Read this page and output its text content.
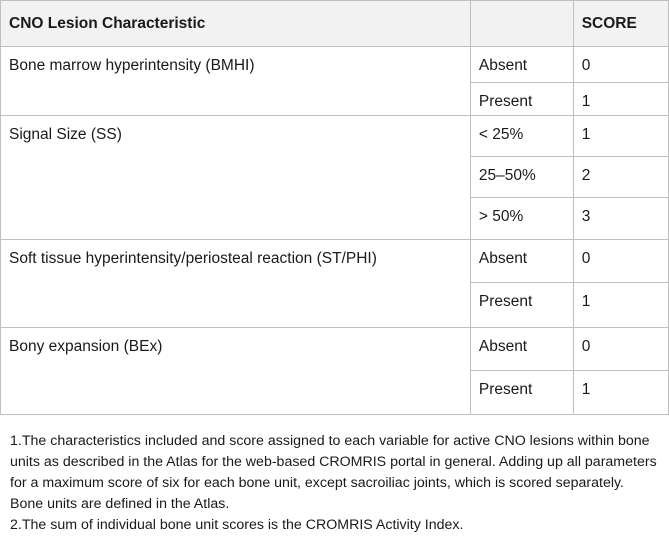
CNO Lesion Characteristic		SCORE
Bone marrow hyperintensity (BMHI)	Absent	0
	Present	1
Signal Size (SS)	< 25%	1
	25–50%	2
	> 50%	3
Soft tissue hyperintensity/periosteal reaction (ST/PHI)	Absent	0
	Present	1
Bony expansion (BEx)	Absent	0
	Present	1

1.The characteristics included and score assigned to each variable for active CNO lesions within bone units as described in the Atlas for the web-based CROMRIS portal in general. Adding up all parameters for a maximum score of six for each bone unit, except sacroiliac joints, which is scored separately. Bone units are defined in the Atlas.

2.The sum of individual bone unit scores is the CROMRIS Activity Index.
